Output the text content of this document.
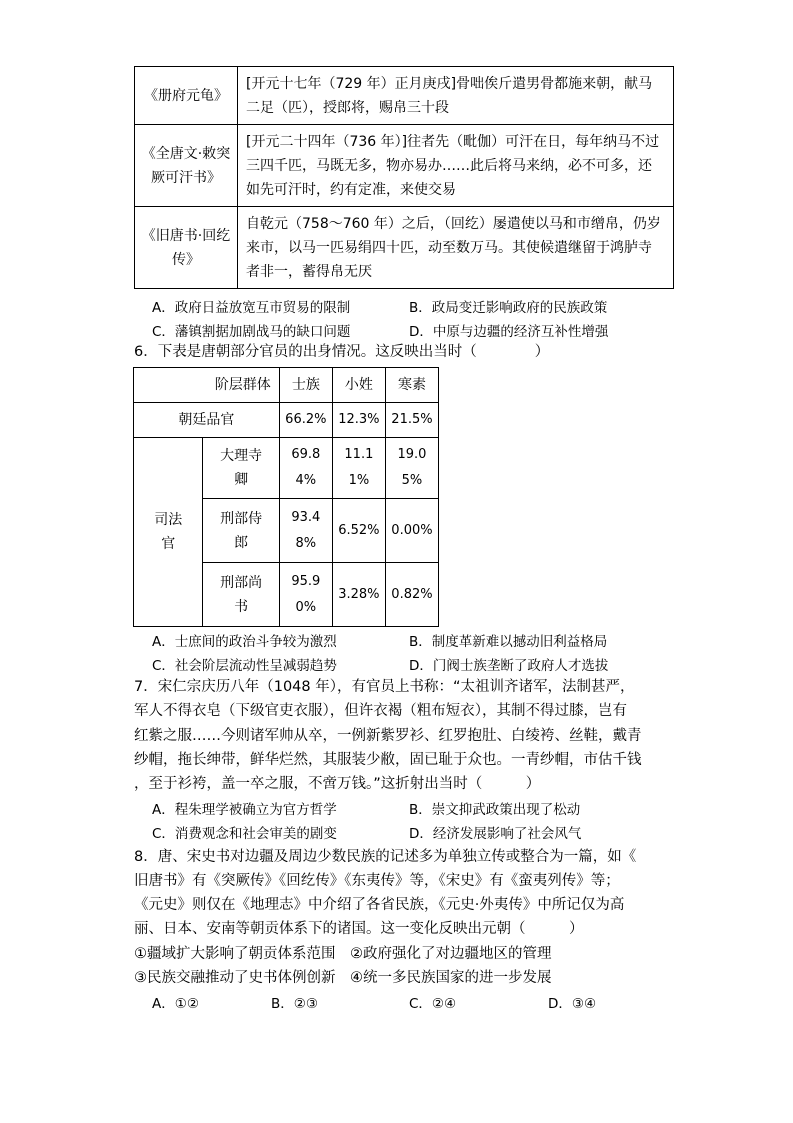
《册府元龟》	[开元十七年（729 年）正月庚戌]骨咄俟斤遣男骨都施来朝，献马二足（匹），授郎将，赐帛三十段
《全唐文·敕突厥可汗书》	[开元二十四年（736 年）]往者先（毗伽）可汗在日，每年纳马不过三四千匹，马既无多，物亦易办……此后将马来纳，必不可多，还如先可汗时，约有定准，来使交易
《旧唐书·回纥传》	自乾元（758～760 年）之后，（回纥）屡遣使以马和市缯帛，仍岁来市，以马一匹易绢四十匹，动至数万马。其使候遣继留于鸿胪寺者非一，蓄得帛无厌
A．政府日益放宽互市贸易的限制	B．政局变迁影响政府的民族政策
C．藩镇割据加剧战马的缺口问题	D．中原与边疆的经济互补性增强
6．下表是唐朝部分官员的出身情况。这反映出当时（　　　　）
阶层群体		士族	小姓	寒素
朝廷品官		66.2%	12.3%	21.5%
司法官	大理寺卿	69.84%	11.11%	19.05%
	刑部侍郎	93.48%	6.52%	0.00%
	刑部尚书	95.90%	3.28%	0.82%
A．士庶间的政治斗争较为激烈	B．制度革新难以撼动旧利益格局
C．社会阶层流动性呈减弱趋势	D．门阀士族垄断了政府人才选拔
7．宋仁宗庆历八年（1048 年），有官员上书称：“太祖训齐诸军，法制甚严，
军人不得衣皂（下级官吏衣服），但许衣褐（粗布短衣），其制不得过膝，岂有
红紫之服……今则诸军帅从卒，一例新紫罗衫、红罗抱肚、白绫袴、丝鞋，戴青
纱帽，拖长绅带，鲜华烂然，其服装少敝，固已耻于众也。一青纱帽，市估千钱
，至于衫袴，盖一卒之服，不啻万钱。”这折射出当时（　　　）
A．程朱理学被确立为官方哲学	B．崇文抑武政策出现了松动
C．消费观念和社会审美的剧变	D．经济发展影响了社会风气
8．唐、宋史书对边疆及周边少数民族的记述多为单独立传或整合为一篇，如《
旧唐书》有《突厥传》《回纥传》《东夷传》等，《宋史》有《蛮夷列传》等；
《元史》则仅在《地理志》中介绍了各省民族，《元史·外夷传》中所记仅为高
丽、日本、安南等朝贡体系下的诸国。这一变化反映出元朝（　　　）
①疆域扩大影响了朝贡体系范围　②政府强化了对边疆地区的管理
③民族交融推动了史书体例创新　④统一多民族国家的进一步发展
A．①②	B．②③	C．②④	D．③④
